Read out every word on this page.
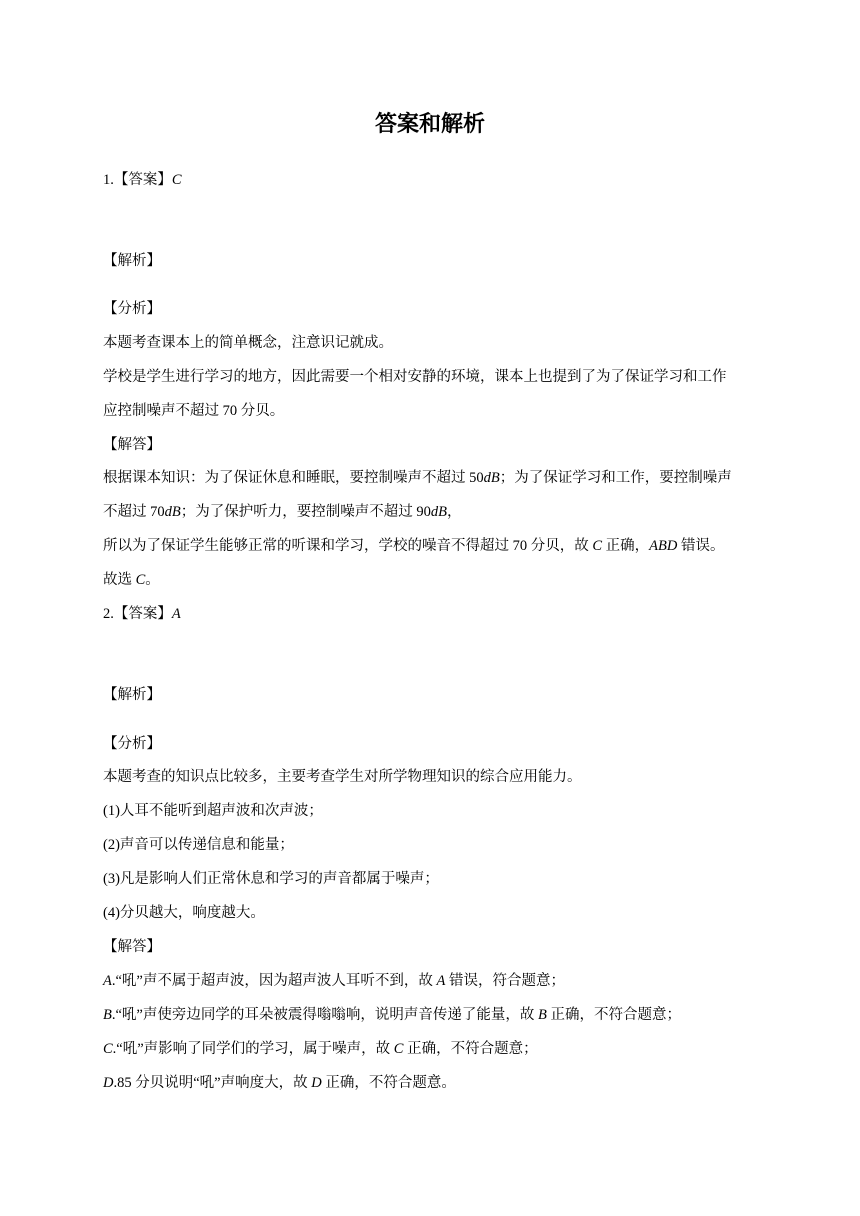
答案和解析
1.【答案】C
【解析】
【分析】
本题考查课本上的简单概念，注意识记就成。
学校是学生进行学习的地方，因此需要一个相对安静的环境，课本上也提到了为了保证学习和工作
应控制噪声不超过 70 分贝。
【解答】
根据课本知识：为了保证休息和睡眠，要控制噪声不超过 50dB；为了保证学习和工作，要控制噪声
不超过 70dB；为了保护听力，要控制噪声不超过 90dB，
所以为了保证学生能够正常的听课和学习，学校的噪音不得超过 70 分贝，故 C 正确，ABD 错误。
故选 C。
2.【答案】A
【解析】
【分析】
本题考查的知识点比较多，主要考查学生对所学物理知识的综合应用能力。
(1)人耳不能听到超声波和次声波；
(2)声音可以传递信息和能量；
(3)凡是影响人们正常休息和学习的声音都属于噪声；
(4)分贝越大，响度越大。
【解答】
A.“吼”声不属于超声波，因为超声波人耳听不到，故 A 错误，符合题意；
B.“吼”声使旁边同学的耳朵被震得嗡嗡响，说明声音传递了能量，故 B 正确，不符合题意；
C.“吼”声影响了同学们的学习，属于噪声，故 C 正确，不符合题意；
D.85 分贝说明“吼”声响度大，故 D 正确，不符合题意。
